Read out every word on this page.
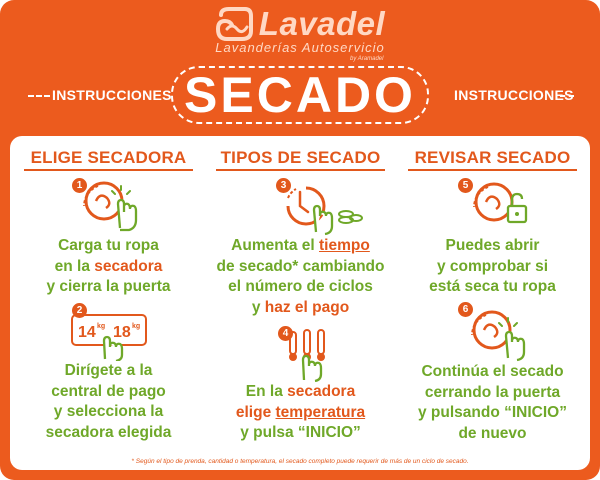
Lavadel
Lavanderías Autoservicio
by Aramadel
INSTRUCCIONES SECADO	INSTRUCCIONES
ELIGE SECADORA
1
Carga tu ropa
en la secadora
y cierra la puerta
2
14 kg 18 kg
Dirígete a la
central de pago
y selecciona la
secadora elegida
TIPOS DE SECADO
3
Aumenta el tiempo
de secado* cambiando
el número de ciclos
y haz el pago
4
En la secadora
elige temperatura
y pulsa “INICIO”
REVISAR SECADO
5
Puedes abrir
y comprobar si
está seca tu ropa
6
Continúa el secado
cerrando la puerta
y pulsando “INICIO”
de nuevo
* Según el tipo de prenda, cantidad o temperatura, el secado completo puede requerir de más de un ciclo de secado.
